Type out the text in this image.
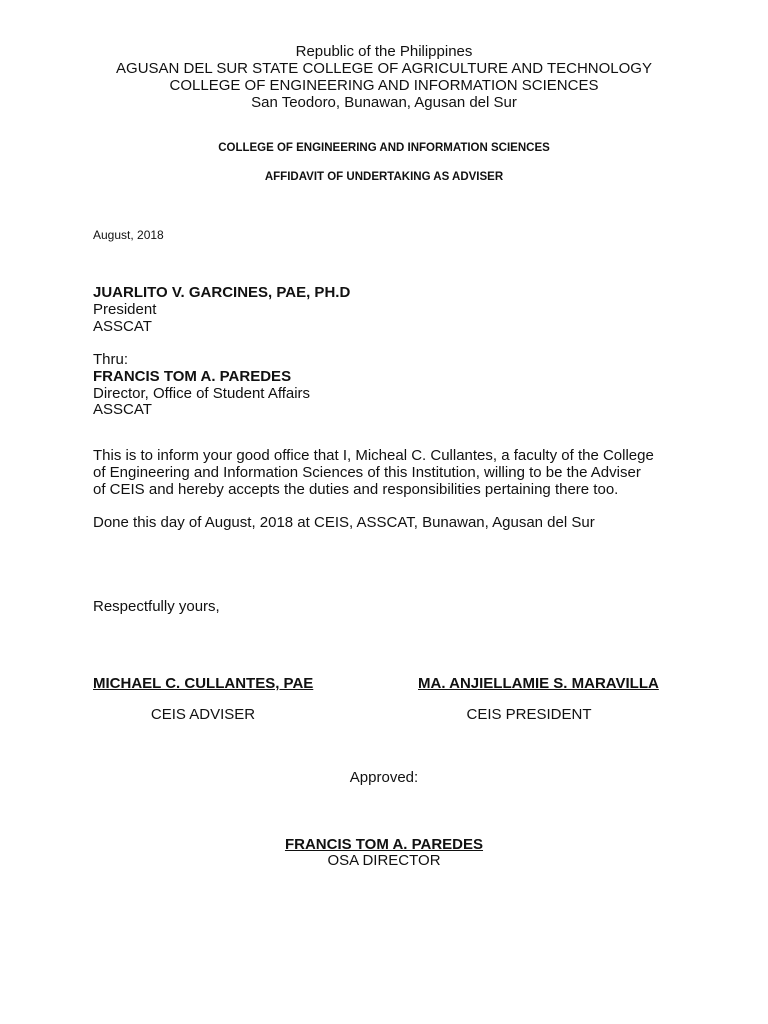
Republic of the Philippines
AGUSAN DEL SUR STATE COLLEGE OF AGRICULTURE AND TECHNOLOGY
COLLEGE OF ENGINEERING AND INFORMATION SCIENCES
San Teodoro, Bunawan, Agusan del Sur
COLLEGE OF ENGINEERING AND INFORMATION SCIENCES
AFFIDAVIT OF UNDERTAKING AS ADVISER
August, 2018
JUARLITO V. GARCINES, PAE, PH.D
President
ASSCAT
Thru:
FRANCIS TOM A. PAREDES
Director, Office of Student Affairs
ASSCAT
This is to inform your good office that I, Micheal C. Cullantes, a faculty of the College
of Engineering and Information Sciences of this Institution, willing to be the Adviser
of CEIS and hereby accepts the duties and responsibilities pertaining there too.
Done this day of August, 2018 at CEIS, ASSCAT, Bunawan, Agusan del Sur
Respectfully yours,
MICHAEL C. CULLANTES, PAE
CEIS ADVISER
MA. ANJIELLAMIE S. MARAVILLA
CEIS PRESIDENT
Approved:
FRANCIS TOM A. PAREDES
OSA DIRECTOR
